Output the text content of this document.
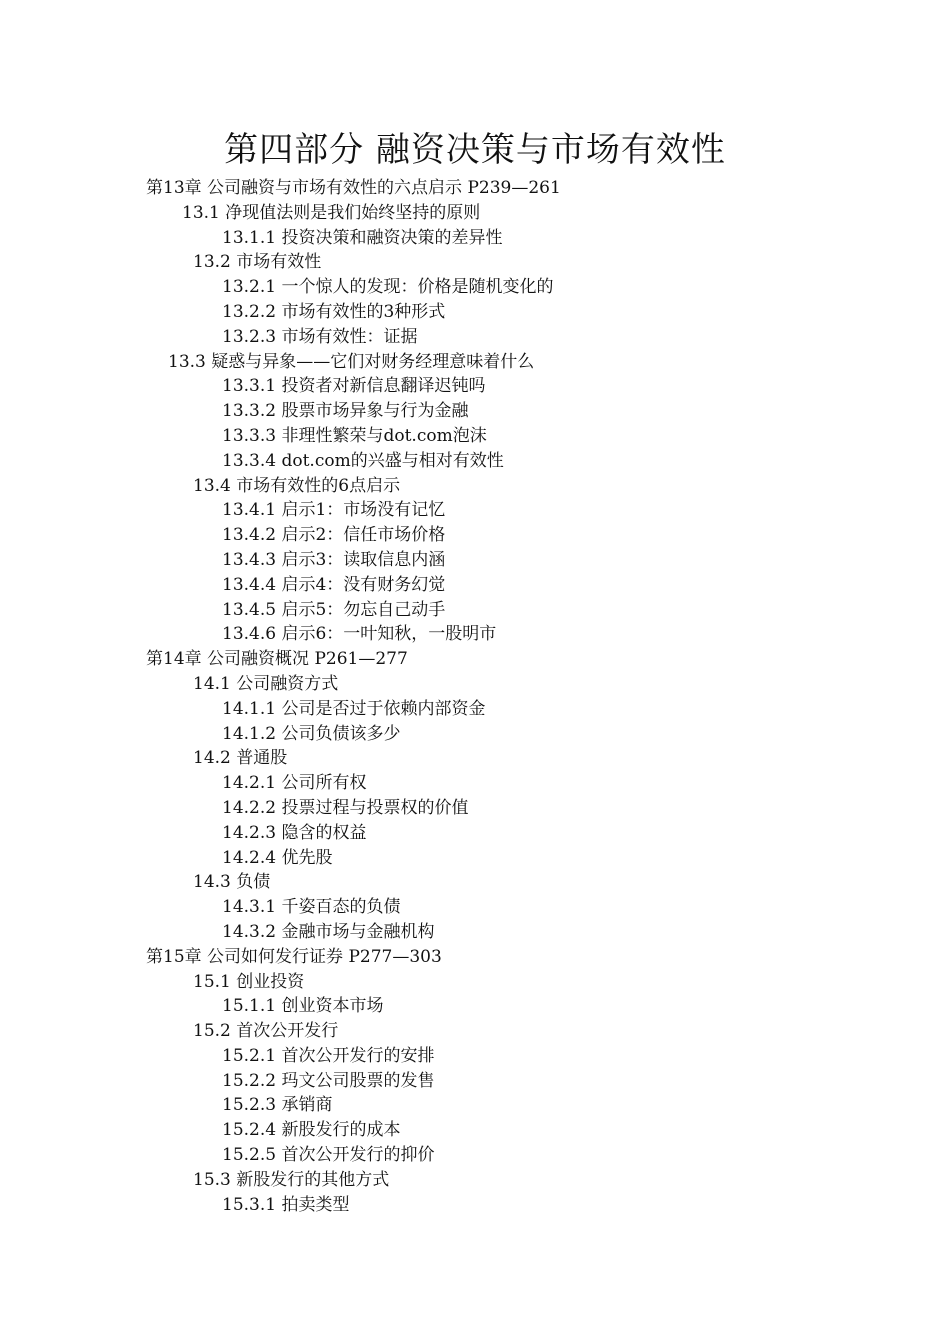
第四部分 融资决策与市场有效性
第13章 公司融资与市场有效性的六点启示 P239—261
13.1 净现值法则是我们始终坚持的原则
13.1.1 投资决策和融资决策的差异性
13.2 市场有效性
13.2.1 一个惊人的发现：价格是随机变化的
13.2.2 市场有效性的3种形式
13.2.3 市场有效性：证据
13.3 疑惑与异象——它们对财务经理意味着什么
13.3.1 投资者对新信息翻译迟钝吗
13.3.2 股票市场异象与行为金融
13.3.3 非理性繁荣与dot.com泡沫
13.3.4 dot.com的兴盛与相对有效性
13.4 市场有效性的6点启示
13.4.1 启示1：市场没有记忆
13.4.2 启示2：信任市场价格
13.4.3 启示3：读取信息内涵
13.4.4 启示4：没有财务幻觉
13.4.5 启示5：勿忘自己动手
13.4.6 启示6：一叶知秋，一股明市
第14章 公司融资概况 P261—277
14.1 公司融资方式
14.1.1 公司是否过于依赖内部资金
14.1.2 公司负债该多少
14.2 普通股
14.2.1 公司所有权
14.2.2 投票过程与投票权的价值
14.2.3 隐含的权益
14.2.4 优先股
14.3 负债
14.3.1 千姿百态的负债
14.3.2 金融市场与金融机构
第15章 公司如何发行证券 P277—303
15.1 创业投资
15.1.1 创业资本市场
15.2 首次公开发行
15.2.1 首次公开发行的安排
15.2.2 玛文公司股票的发售
15.2.3 承销商
15.2.4 新股发行的成本
15.2.5 首次公开发行的抑价
15.3 新股发行的其他方式
15.3.1 拍卖类型
